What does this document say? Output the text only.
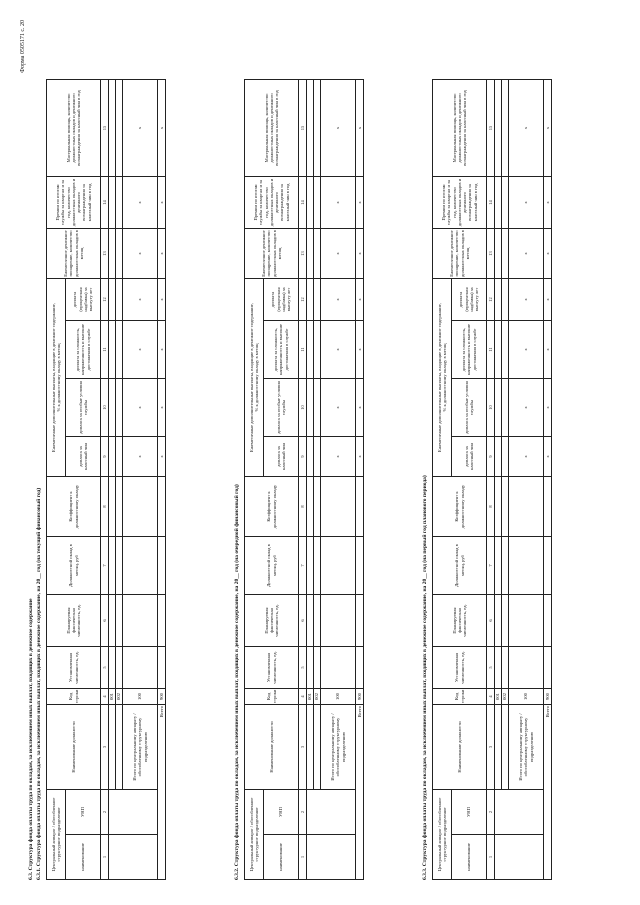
Форма 0505171 с. 20
6.3. Структура фонда оплаты труда по окладам, за исключением иных выплат, входящих в денежное содержание 6.3.1. Структура фонда оплаты труда по окладам, за исключением иных выплат, входящих в денежное содержание, на 20__ год (на текущий финансовый год) Центральный аппарат / обособленное структурное подразделение		Наименование должности	Код строки	Установленная численность, ед.	Планируемая фактическая численность, ед.	Должностной оклад в месяц, руб	Коэффициент к должностному окладу	Ежемесячные дополнительные выплаты, входящие в денежное содержание,
% к должностному окладу в месяц				Ежемесячное денежное поощрение, количество должностных окладов в месяц	Премии по итогам службы за квартал и за год, количество должностных окладов и денежного вознаграждения за классный чин в год	Материальная помощь, количество должностных окладов и денежного вознаграждения за классный чин в год
наименование	УНП							доплата за классный чин	доплата за особые условия службы	доплата за сложность, напряженность и высокие достижения в службе	доплата (процентная надбавка) за выслугу лет			
1	2	3	4	5	6	7	8	9	10	11	12	13	14	15
			001											
			002											
		Итого по центральному аппарату / обособленному структурному подразделению	100					x	x	x	x	x	x	x
Всего			900					x	x	x	x	x	x	x
6.3.2. Структура фонда оплаты труда по окладам, за исключением иных выплат, входящих в денежное содержание, на 20__ год (на очередной финансовый год) Центральный аппарат / обособленное структурное подразделение		Наименование должности	Код строки	Установленная численность, ед.	Планируемая фактическая численность, ед.	Должностной оклад в месяц, руб	Коэффициент к должностному окладу	Ежемесячные дополнительные выплаты, входящие в денежное содержание,
% к должностному окладу в месяц				Ежемесячное денежное поощрение, количество должностных окладов в месяц	Премии по итогам службы за квартал и за год, количество должностных окладов и денежного вознаграждения за классный чин в год	Материальная помощь, количество должностных окладов и денежного вознаграждения за классный чин в год
наименование	УНП							доплата за классный чин	доплата за особые условия службы	доплата за сложность, напряженность и высокие достижения в службе	доплата (процентная надбавка) за выслугу лет			
1	2	3	4	5	6	7	8	9	10	11	12	13	14	15
			001											
			002											
		Итого по центральному аппарату / обособленному структурному подразделению	100					x	x	x	x	x	x	x
Всего			900					x	x	x	x	x	x	x
6.3.3. Структура фонда оплаты труда по окладам, за исключением иных выплат, входящих в денежное содержание, на 20__ год (на первый год планового периода) Центральный аппарат / обособленное структурное подразделение		Наименование должности	Код строки	Установленная численность, ед.	Планируемая фактическая численность, ед.	Должностной оклад в месяц, руб	Коэффициент к должностному окладу	Ежемесячные дополнительные выплаты, входящие в денежное содержание,
% к должностному окладу в месяц				Ежемесячное денежное поощрение, количество должностных окладов в месяц	Премии по итогам службы за квартал и за год, количество должностных окладов и денежного вознаграждения за классный чин в год	Материальная помощь, количество должностных окладов и денежного вознаграждения за классный чин в год
наименование	УНП							доплата за классный чин	доплата за особые условия службы	доплата за сложность, напряженность и высокие достижения в службе	доплата (процентная надбавка) за выслугу лет			
1	2	3	4	5	6	7	8	9	10	11	12	13	14	15
			001											
			002											
		Итого по центральному аппарату / обособленному структурному подразделению	100					x	x	x	x	x	x	x
Всего			900					x	x	x	x	x	x	x
